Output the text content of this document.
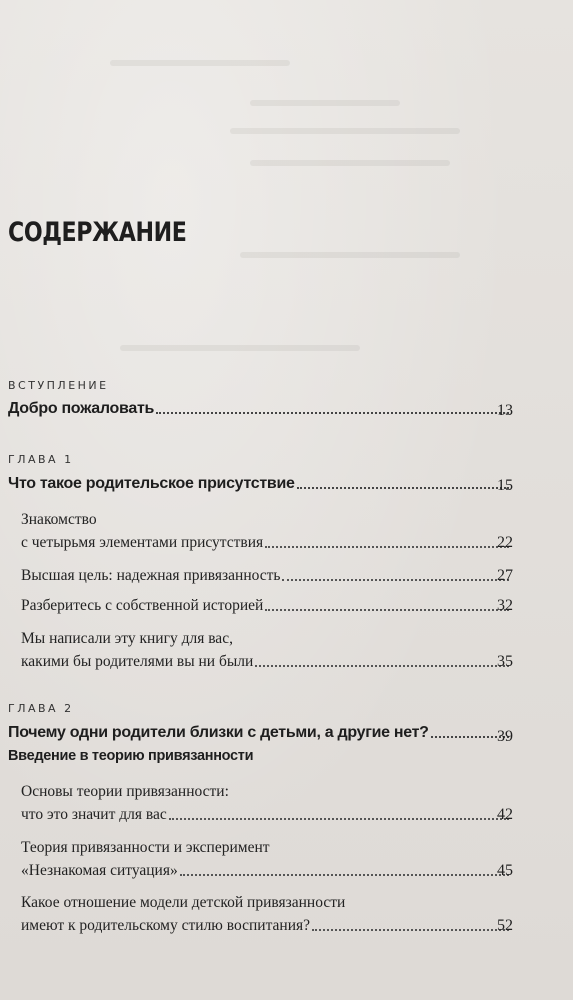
СОДЕРЖАНИЕ
ВСТУПЛЕНИЕ
Добро пожаловать	13
ГЛАВА 1
Что такое родительское присутствие	15
Знакомство
с четырьмя элементами присутствия	22
Высшая цель: надежная привязанность	27
Разберитесь с собственной историей	32
Мы написали эту книгу для вас,
какими бы родителями вы ни были	35
ГЛАВА 2
Почему одни родители близки с детьми, а другие нет?	39
Введение в теорию привязанности
Основы теории привязанности:
что это значит для вас	42
Теория привязанности и эксперимент
«Незнакомая ситуация»	45
Какое отношение модели детской привязанности
имеют к родительскому стилю воспитания?	52
